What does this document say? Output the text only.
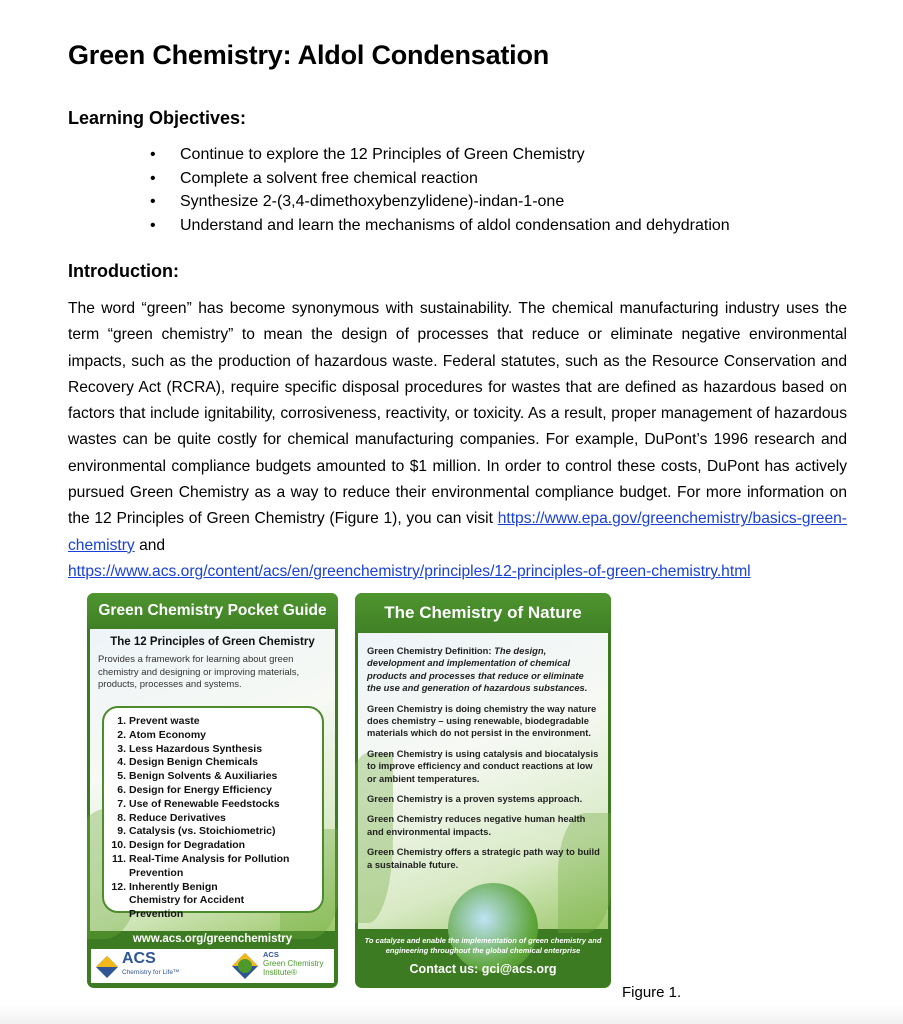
Green Chemistry: Aldol Condensation
Learning Objectives:
• Continue to explore the 12 Principles of Green Chemistry
• Complete a solvent free chemical reaction
• Synthesize 2-(3,4-dimethoxybenzylidene)-indan-1-one
• Understand and learn the mechanisms of aldol condensation and dehydration
Introduction:

The word “green” has become synonymous with sustainability. The chemical manufacturing industry uses the term “green chemistry” to mean the design of processes that reduce or eliminate negative environmental impacts, such as the production of hazardous waste. Federal statutes, such as the Resource Conservation and Recovery Act (RCRA), require specific disposal procedures for wastes that are defined as hazardous based on factors that include ignitability, corrosiveness, reactivity, or toxicity. As a result, proper management of hazardous wastes can be quite costly for chemical manufacturing companies. For example, DuPont’s 1996 research and environmental compliance budgets amounted to $1 million. In order to control these costs, DuPont has actively pursued Green Chemistry as a way to reduce their environmental compliance budget. For more information on the 12 Principles of Green Chemistry (Figure 1), you can visit https://www.epa.gov/greenchemistry/basics-green-chemistry and
https://www.acs.org/content/acs/en/greenchemistry/principles/12-principles-of-green-chemistry.html

Green Chemistry Pocket Guide
The 12 Principles of Green Chemistry
Provides a framework for learning about green chemistry and designing or improving materials, products, processes and systems.
1. Prevent waste
2. Atom Economy
3. Less Hazardous Synthesis
4. Design Benign Chemicals
5. Benign Solvents & Auxiliaries
6. Design for Energy Efficiency
7. Use of Renewable Feedstocks
8. Reduce Derivatives
9. Catalysis (vs. Stoichiometric)
10. Design for Degradation
11. Real-Time Analysis for Pollution Prevention
12. Inherently Benign Chemistry for Accident Prevention
www.acs.org/greenchemistry
ACS
Chemistry for Life™
ACS
Green Chemistry
Institute®
The Chemistry of Nature

Green Chemistry Definition: The design, development and implementation of chemical products and processes that reduce or eliminate the use and generation of hazardous substances.

Green Chemistry is doing chemistry the way nature does chemistry – using renewable, biodegradable materials which do not persist in the environment.

Green Chemistry is using catalysis and biocatalysis to improve efficiency and conduct reactions at low or ambient temperatures.

Green Chemistry is a proven systems approach.

Green Chemistry reduces negative human health and environmental impacts.

Green Chemistry offers a strategic path way to build a sustainable future.

To catalyze and enable the implementation of green chemistry and engineering throughout the global chemical enterprise
Contact us: gci@acs.org
Figure 1.
